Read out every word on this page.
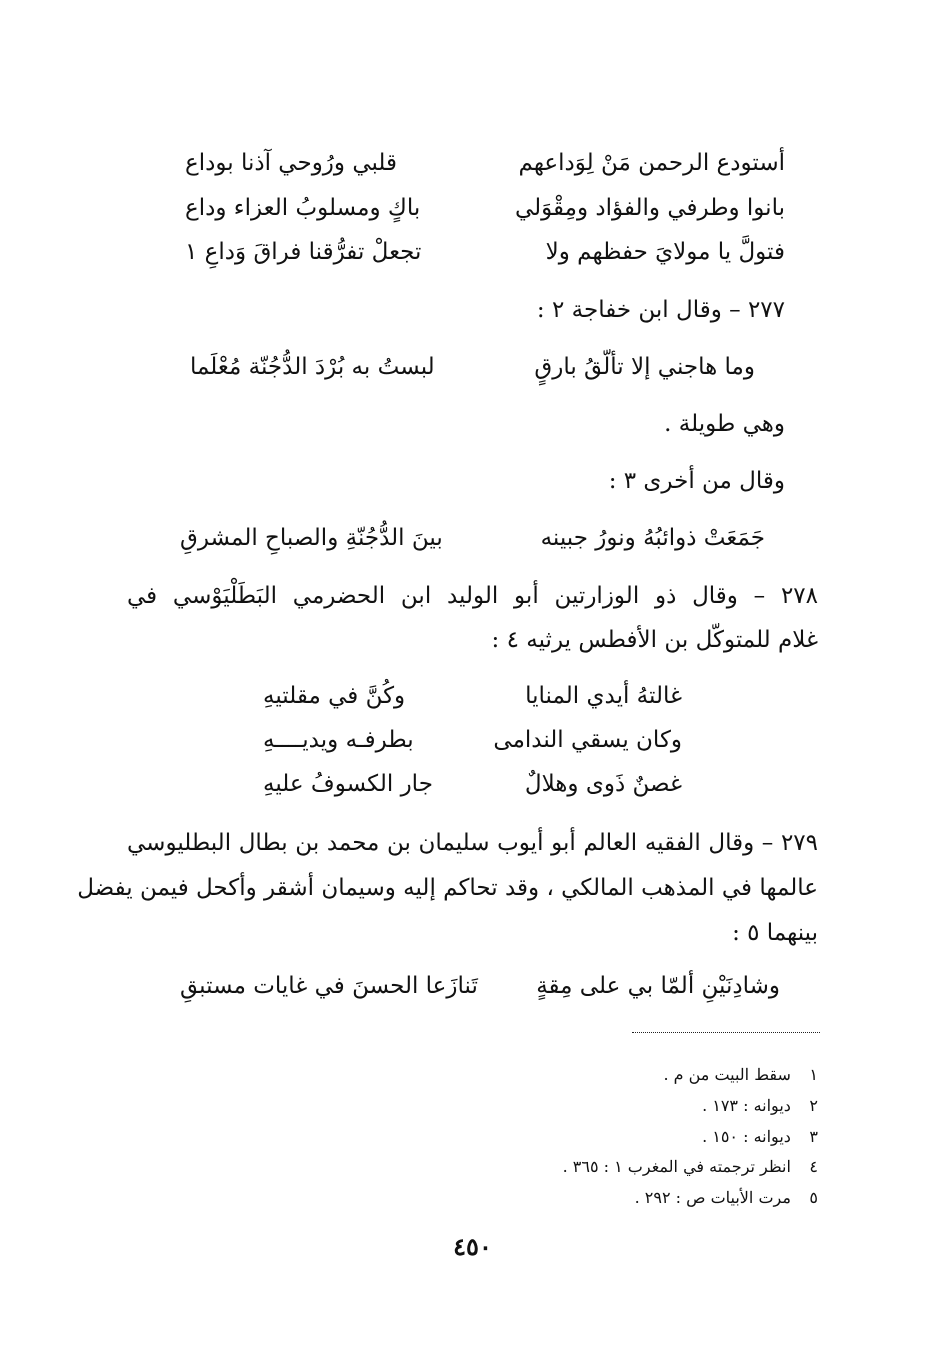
أستودع الرحمن مَنْ لِوَداعهم
قلبي ورُوحي آذنا بوداع
بانوا وطرفي والفؤاد ومِقْوَلي
باكٍ ومسلوبُ العزاء وداع
فتولَّ يا مولايَ حفظهم ولا
تجعلْ تفرُّقنا فراقَ وَداعِ ١
٢٧٧ – وقال ابن خفاجة ٢ :
وما هاجني إلا تألّقُ بارقٍ
لبستُ به بُرْدَ الدُّجُنّة مُعْلَما
وهي طويلة .
وقال من أخرى ٣ :
جَمَعَتْ ذوائبُهُ ونورُ جبينه
بينَ الدُّجُنّةِ والصباحِ المشرقِ
٢٧٨ – وقال ذو الوزارتين أبو الوليد ابن الحضرمي البَطَلْيَوْسي في
غلام للمتوكّل بن الأفطس يرثيه ٤ :
غالتهُ أيدي المنايا
وكُنَّ في مقلتيهِ
وكان يسقي الندامى
بطرفـه ويديــــهِ
غصنٌ ذَوى وهلالٌ
جار الكسوفُ عليهِ
٢٧٩ – وقال الفقيه العالم أبو أيوب سليمان بن محمد بن بطال البطليوسي
عالمها في المذهب المالكي ، وقد تحاكم إليه وسيمان أشقر وأكحل فيمن يفضل
بينهما ٥ :
وشادِنَيْنِ ألمّا بي على مِقةٍ
تَنازَعا الحسنَ في غايات مستبقِ
١ سقط البيت من م .
٢ ديوانه : ١٧٣ .
٣ ديوانه : ١٥٠ .
٤ انظر ترجمته في المغرب ١ : ٣٦٥ .
٥ مرت الأبيات ص : ٢٩٢ .
٤٥٠
